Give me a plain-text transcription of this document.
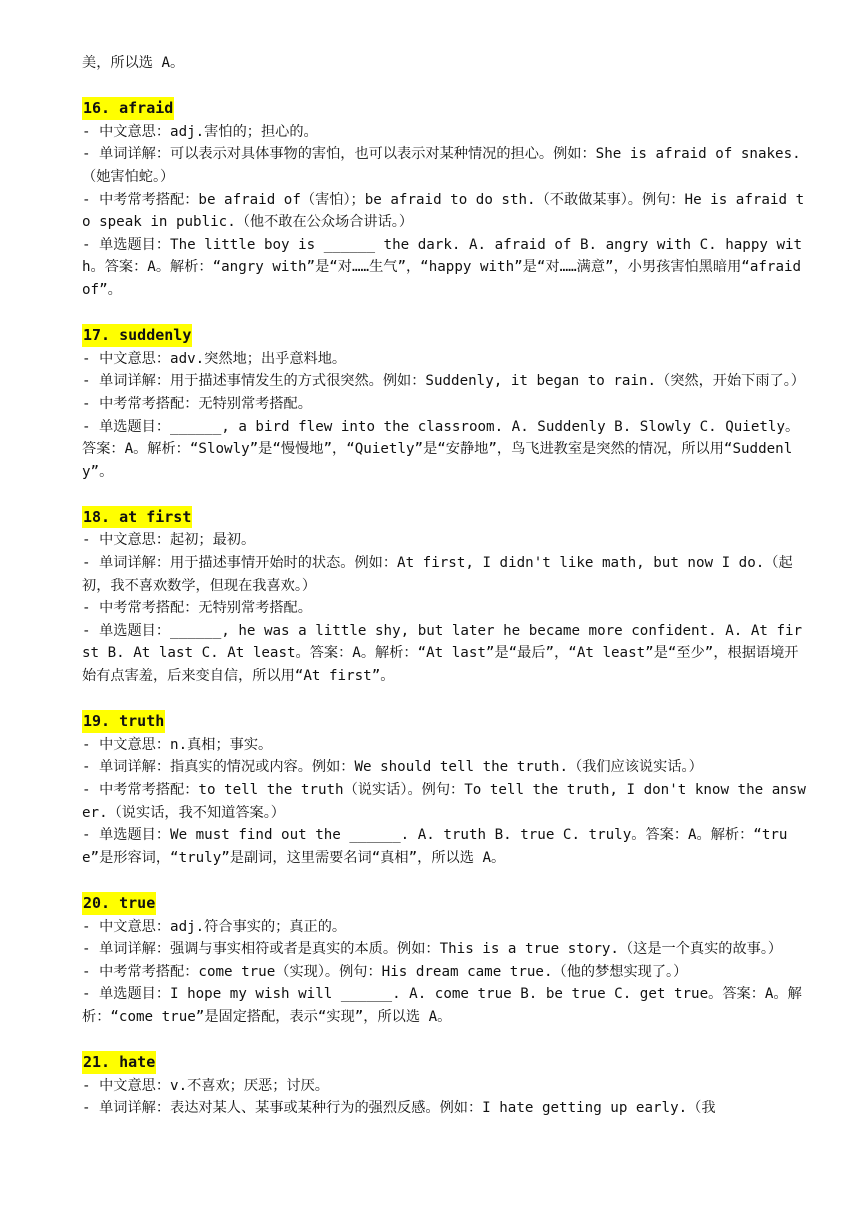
美，所以选 A。

16. afraid

- 中文意思：adj.害怕的；担心的。

- 单词详解：可以表示对具体事物的害怕，也可以表示对某种情况的担心。例如：She is afraid of snakes.（她害怕蛇。）

- 中考常考搭配：be afraid of（害怕）；be afraid to do sth.（不敢做某事）。例句：He is afraid to speak in public.（他不敢在公众场合讲话。）

- 单选题目：The little boy is ______ the dark. A. afraid of B. angry with C. happy with。答案：A。解析：“angry with”是“对……生气”，“happy with”是“对……满意”，小男孩害怕黑暗用“afraid of”。

17. suddenly

- 中文意思：adv.突然地；出乎意料地。

- 单词详解：用于描述事情发生的方式很突然。例如：Suddenly, it began to rain.（突然，开始下雨了。）

- 中考常考搭配：无特别常考搭配。

- 单选题目：______, a bird flew into the classroom. A. Suddenly B. Slowly C. Quietly。答案：A。解析：“Slowly”是“慢慢地”，“Quietly”是“安静地”，鸟飞进教室是突然的情况，所以用“Suddenly”。

18. at first

- 中文意思：起初；最初。

- 单词详解：用于描述事情开始时的状态。例如：At first, I didn't like math, but now I do.（起初，我不喜欢数学，但现在我喜欢。）

- 中考常考搭配：无特别常考搭配。

- 单选题目：______, he was a little shy, but later he became more confident. A. At first B. At last C. At least。答案：A。解析：“At last”是“最后”，“At least”是“至少”，根据语境开始有点害羞，后来变自信，所以用“At first”。

19. truth

- 中文意思：n.真相；事实。

- 单词详解：指真实的情况或内容。例如：We should tell the truth.（我们应该说实话。）

- 中考常考搭配：to tell the truth（说实话）。例句：To tell the truth, I don't know the answer.（说实话，我不知道答案。）

- 单选题目：We must find out the ______. A. truth B. true C. truly。答案：A。解析：“true”是形容词，“truly”是副词，这里需要名词“真相”，所以选 A。

20. true

- 中文意思：adj.符合事实的；真正的。

- 单词详解：强调与事实相符或者是真实的本质。例如：This is a true story.（这是一个真实的故事。）

- 中考常考搭配：come true（实现）。例句：His dream came true.（他的梦想实现了。）

- 单选题目：I hope my wish will ______. A. come true B. be true C. get true。答案：A。解析：“come true”是固定搭配，表示“实现”，所以选 A。

21. hate

- 中文意思：v.不喜欢；厌恶；讨厌。

- 单词详解：表达对某人、某事或某种行为的强烈反感。例如：I hate getting up early.（我
